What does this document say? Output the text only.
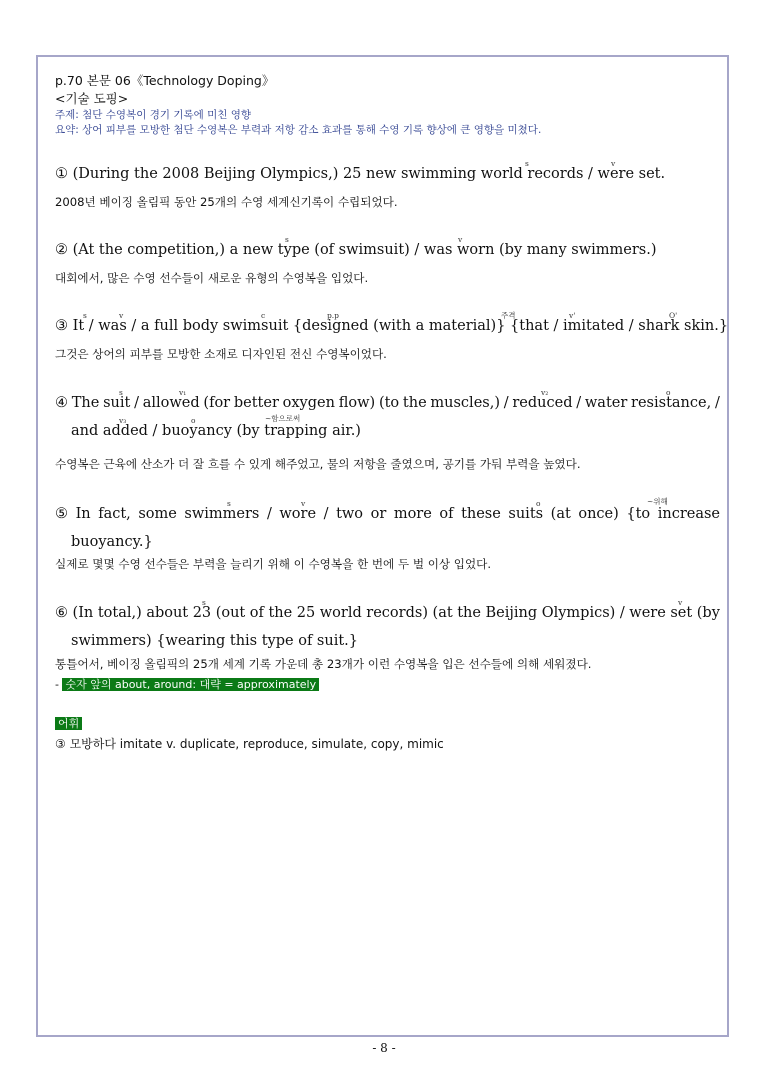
p.70 본문 06《Technology Doping》
<기술 도핑>
주제: 첨단 수영복이 경기 기록에 미친 영향
요약: 상어 피부를 모방한 첨단 수영복은 부력과 저항 감소 효과를 통해 수영 기록 향상에 큰 영향을 미쳤다.
① (During the 2008 Beijing Olympics,) 25 new swimming world records / were set.
s	v
2008년 베이징 올림픽 동안 25개의 수영 세계신기록이 수립되었다.
② (At the competition,) a new type (of swimsuit) / was worn (by many swimmers.)
s	v
대회에서, 많은 수영 선수들이 새로운 유형의 수영복을 입었다.
③ It / was / a full body swimsuit {designed (with a material)} {that / imitated / shark skin.}
s	v	c	p.p	주격	v'	O'
그것은 상어의 피부를 모방한 소재로 디자인된 전신 수영복이었다.
④ The suit / allowed (for better oxygen flow) (to the muscles,) / reduced / water resistance, /
s	v₁	v₂	o
and added / buoyancy (by trapping air.)
v₃	o	~함으로써
수영복은 근육에 산소가 더 잘 흐를 수 있게 해주었고, 물의 저항을 줄였으며, 공기를 가둬 부력을 높였다.
⑤ In fact, some swimmers / wore / two or more of these suits (at once) {to increase
s	v	o	~위해
buoyancy.}
실제로 몇몇 수영 선수들은 부력을 늘리기 위해 이 수영복을 한 번에 두 벌 이상 입었다.
⑥ (In total,) about 23 (out of the 25 world records) (at the Beijing Olympics) / were set (by
s	v
swimmers) {wearing this type of suit.}
통틀어서, 베이징 올림픽의 25개 세계 기록 가운데 총 23개가 이런 수영복을 입은 선수들에 의해 세워졌다.
- 숫자 앞의 about, around: 대략 = approximately
어휘
③ 모방하다 imitate v. duplicate, reproduce, simulate, copy, mimic
- 8 -
